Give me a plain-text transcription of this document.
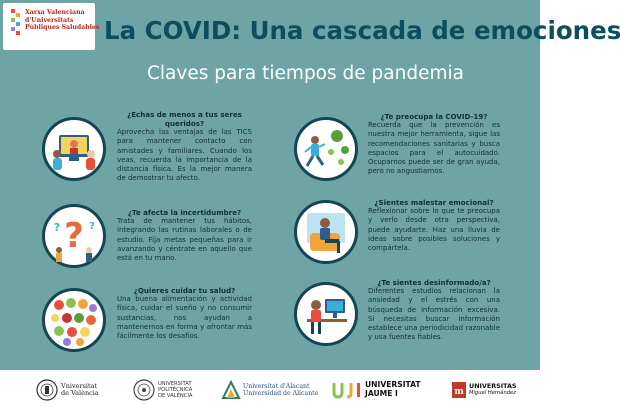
Xarxa Valenciana
d'Universitats
Públiques Saludables La COVID: Una cascada de emociones
Claves para tiempos de pandemia
?
?	?
¿Echas de menos a tus seres queridos?
Aprovecha las ventajas de las TICS para mantener contacto con amistades y familiares. Cuando los veas, recuerda la importancia de la distancia física. Es la mejor manera de demostrar tu afecto.
¿Te afecta la incertidumbre?
Trata de mantener tus hábitos, integrando las rutinas laborales o de estudio. Fija metas pequeñas para ir avanzando y céntrate en aquello que está en tu mano.
¿Quieres cuidar tu salud?
Una buena alimentación y actividad física, cuidar el sueño y no consumir sustancias, nos ayudan a mantenernos en forma y afrontar más fácilmente los desafíos.
¿Te preocupa la COVID-19?
Recuerda que la prevención es nuestra mejor herramienta, sigue las recomendaciones sanitarias y busca espacios para el autocuidado. Ocuparnos puede ser de gran ayuda, pero no angustiarnos.
¿Sientes malestar emocional?
Reflexionar sobre lo que te preocupa y verlo desde otra perspectiva, puede ayudarte. Haz una lluvia de ideas sobre posibles soluciones y compártela.
¿Te sientes desinformado/a?
Diferentes estudios relacionan la ansiedad y el estrés con una búsqueda de información excesiva. Si necesitas buscar información establece una periodicidad razonable y usa fuentes fiables.
Vniversitat
de València
UNIVERSITAT
POLITÈCNICA
DE VALÈNCIA
Universitat d'Alacant
Universidad de Alicante
UNIVERSITAT
JAUME I	m
UNIVERSITAS
Miguel Hernández
